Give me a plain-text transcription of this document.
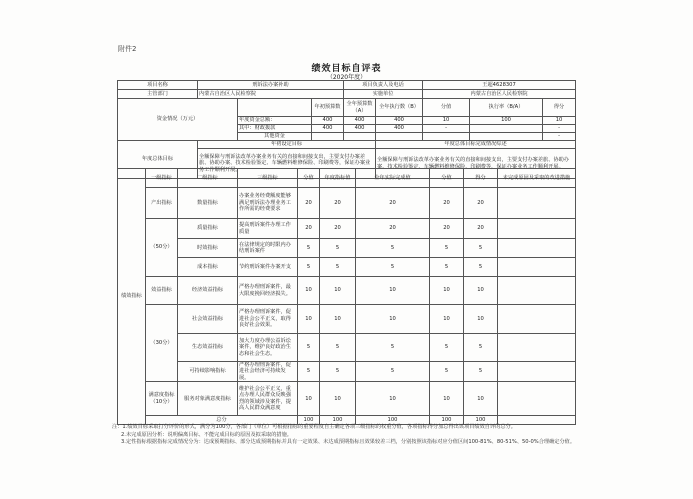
附件2
绩效目标自评表
（2020年度）
项目名称	刑诉法办案补助			项目负责人及电话		王超4628307		
主管部门	内蒙古自治区人民检察院			实施单位		内蒙古自治区人民检察院		
资金情况（万元）			年初预算数	全年预算数（A）	全年执行数（B）	分值	执行率（B/A）	得分
		年度资金总额：	400	400	400	10	100	10
		其中：财政拨款	400	400	400	-		-
		其他资金						-
年度总体目标	年初设定目标				年度总体目标完成情况综述			
	全额保障与刑诉法改革办案业务有关的直接和间接支出，主要支付办案差旅、协助办案、技术检验鉴定、车辆燃料维修保险、印刷费等，保证办案业务工作顺利开展。				全额保障与刑诉法改革办案业务有关的直接和间接支出，主要支付办案差旅、协助办案、技术检验鉴定、车辆燃料维修保险、印刷费等，保证办案业务工作顺利开展。			
绩效指标	一级指标	二级指标	三级指标	分值	年度指标值	全年实际完成值	分值	得分	未完成原因及采取的改进措施
	产出指标	数量指标	办案业务经费额度能够满足刑诉法办理业务工作所需的经费要求	20	20	20	20	20	
	（50分）	质量指标	提高刑诉案件办理工作质量	20	20	20	20	20	
		时效指标	在法律规定的时限内办结刑诉案件	5	5	5	5	5	
		成本指标	节约刑诉案件办案开支	5	5	5	5	5	
	效益指标	经济效益指标	严格办理刑诉案件，最大限度挽回经济损失。	10	10	10	10	10	
	（30分）	社会效益指标	严格办理刑诉案件，促进社会公平正义，取得良好社会效果。	10	10	10	10	10	
		生态效益指标	加大力度办理公益诉讼案件，维护良好政治生态和社会生态。	5	5	5	5	5	
		可持续影响指标	严格办理刑诉案件，促进社会经济可持续发展。	5	5	5	5	5	
	满意度指标（10分）	服务对象满意度指标	维护社会公平正义，重点办理人民群众反映强烈的领域涉及案件，提高人民群众满意度	10	10	10	10	10	
	总分			100	100	100	100	100	
注：1.绩效目标采取打分评价的形式，满分为100分，各部门（单位）可根据指标的重要程度自主确定各项三级指标的权重分值，各项指标得分加总得出该项目绩效自评的总分。
2.未完成原因分析：说明偏离目标、不能完成目标的原因及拟采取的措施。
3.定性指标根据指标完成情况分为：达成预期指标、部分达成预期指标并具有一定效果、未达成预期指标且效果较差三档，分别按照该指标对应分值区间100-81%、80-51%、50-0%合理确定分值。
